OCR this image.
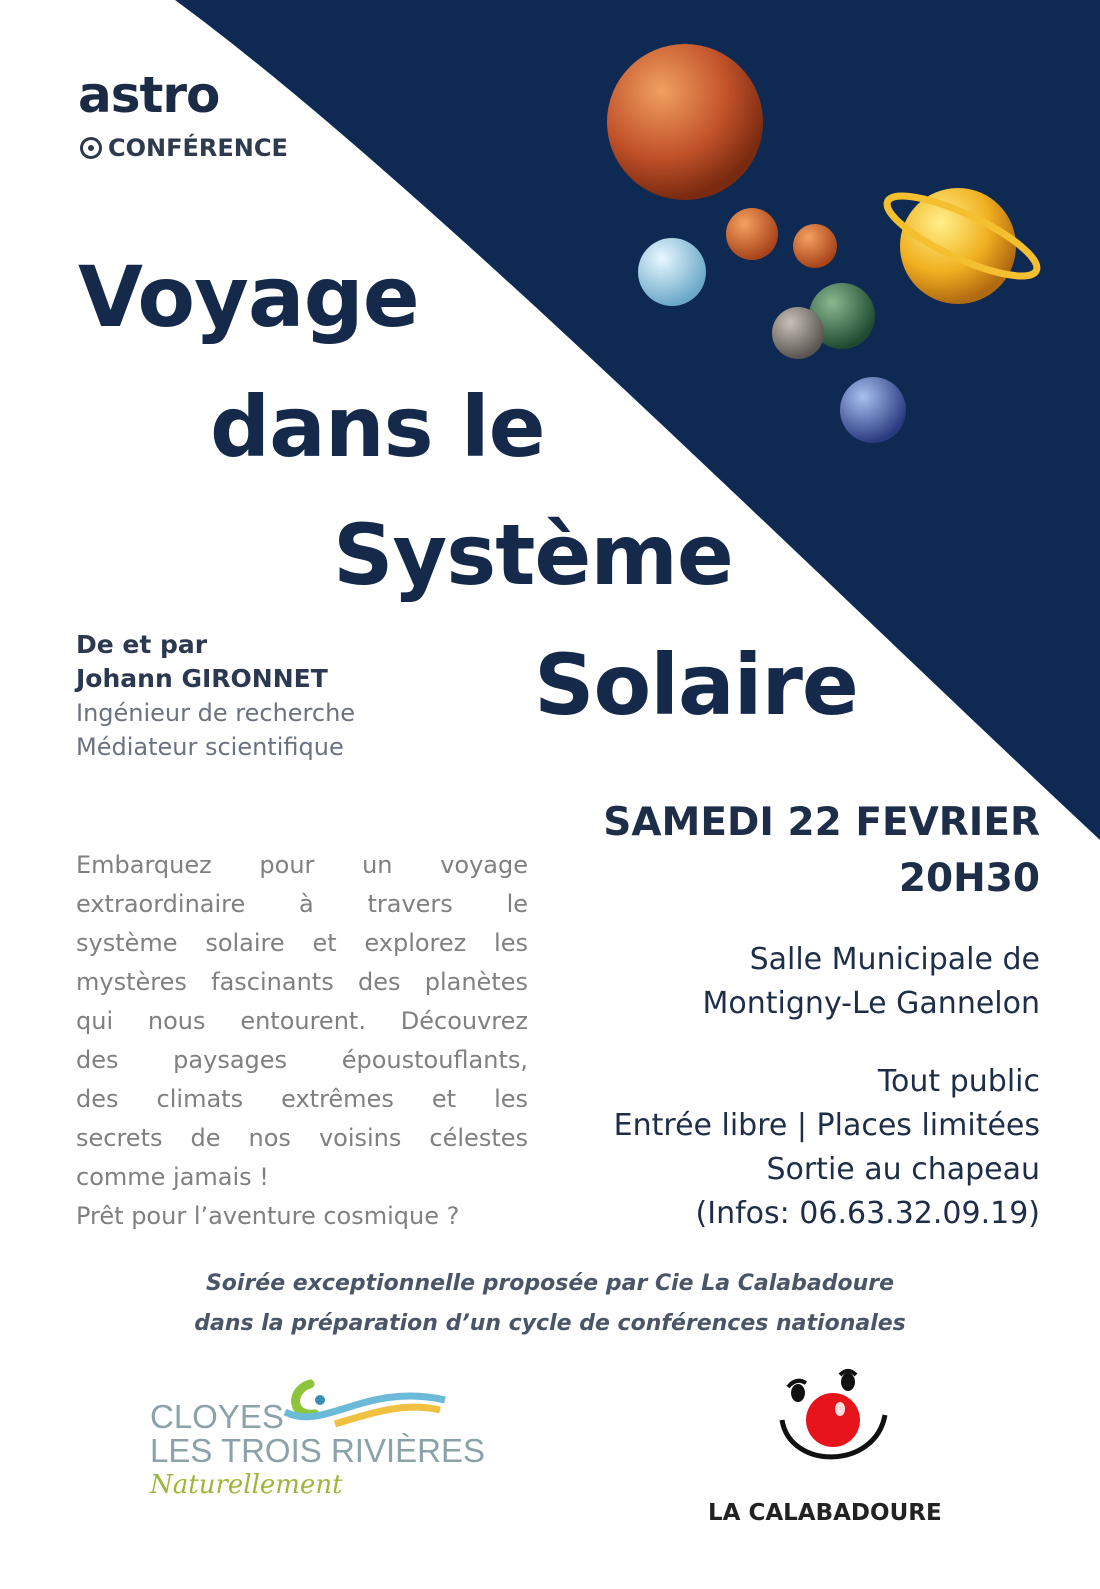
astro
CONFÉRENCE
Voyage
dans le
Système
Solaire
De et par
Johann GIRONNET
Ingénieur de recherche
Médiateur scientifique
Embarquez pour un voyage
extraordinaire à travers le
système solaire et explorez les
mystères fascinants des planètes
qui nous entourent. Découvrez
des paysages époustouflants,
des climats extrêmes et les
secrets de nos voisins célestes
comme jamais !
Prêt pour l’aventure cosmique ?
SAMEDI 22 FEVRIER
20H30
Salle Municipale de
Montigny-Le Gannelon
Tout public
Entrée libre | Places limitées
Sortie au chapeau
(Infos: 06.63.32.09.19)
Soirée exceptionnelle proposée par Cie La Calabadoure
dans la préparation d’un cycle de conférences nationales
CLOYES
LES TROIS RIVIÈRES
Naturellement
LA CALABADOURE
